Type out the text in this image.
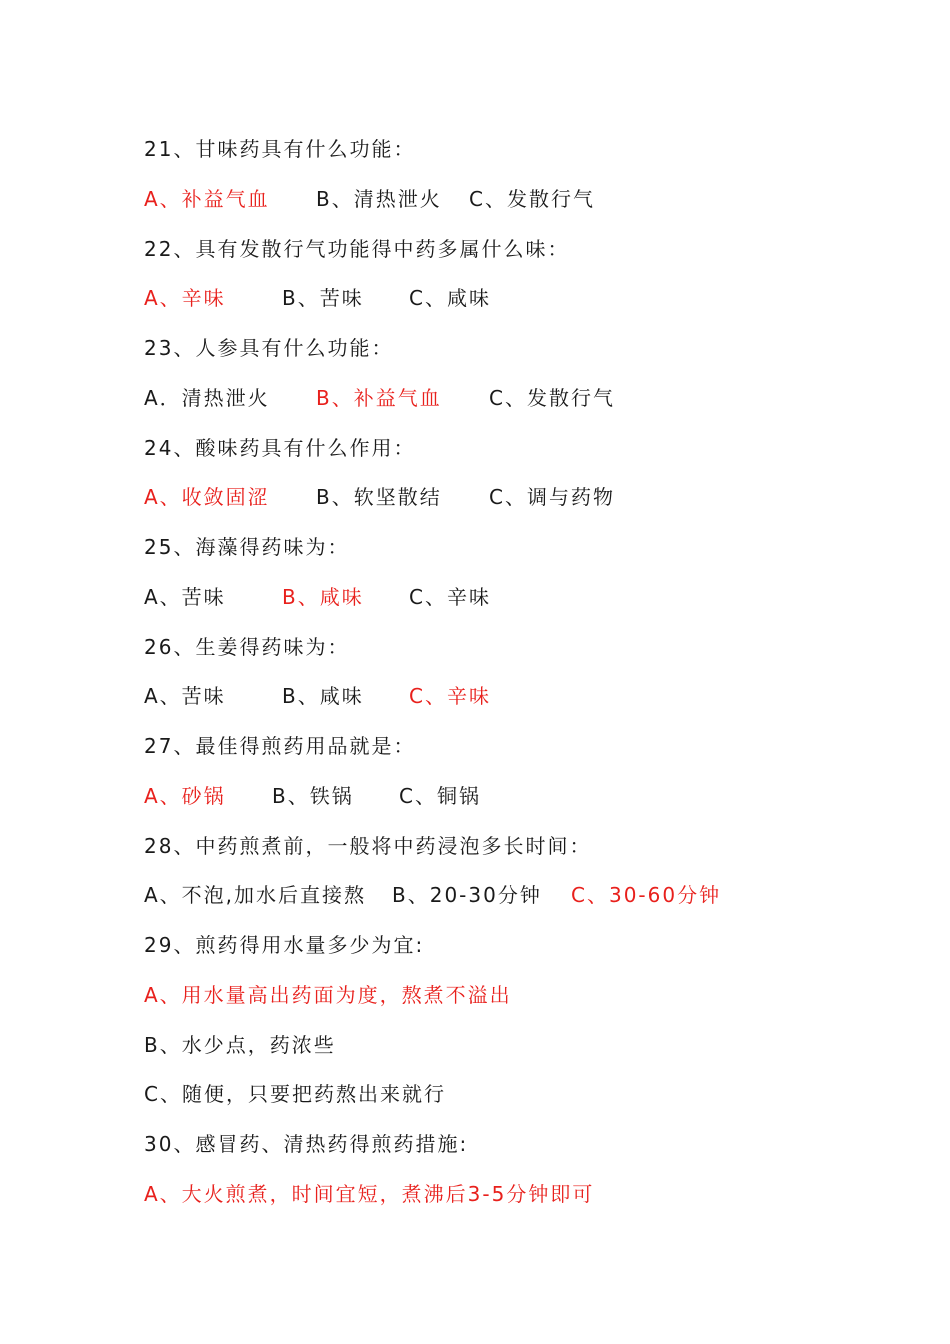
21、甘味药具有什么功能：
A、补益气血 B、清热泄火 C、发散行气
22、具有发散行气功能得中药多属什么味：
A、辛味	B、苦味 C、咸味
23、人参具有什么功能：
A．清热泄火 B、补益气血 C、发散行气
24、酸味药具有什么作用：
A、收敛固涩 B、软坚散结 C、调与药物
25、海藻得药味为：
A、苦味	B、咸味 C、辛味
26、生姜得药味为：
A、苦味	B、咸味 C、辛味
27、最佳得煎药用品就是：
A、砂锅 B、铁锅 C、铜锅
28、中药煎煮前，一般将中药浸泡多长时间：
A、不泡,加水后直接熬 B、20-30分钟 C、30-60分钟
29、煎药得用水量多少为宜:
A、用水量高出药面为度，熬煮不溢出
B、水少点，药浓些
C、随便，只要把药熬出来就行
30、感冒药、清热药得煎药措施:
A、大火煎煮，时间宜短，煮沸后3-5分钟即可
